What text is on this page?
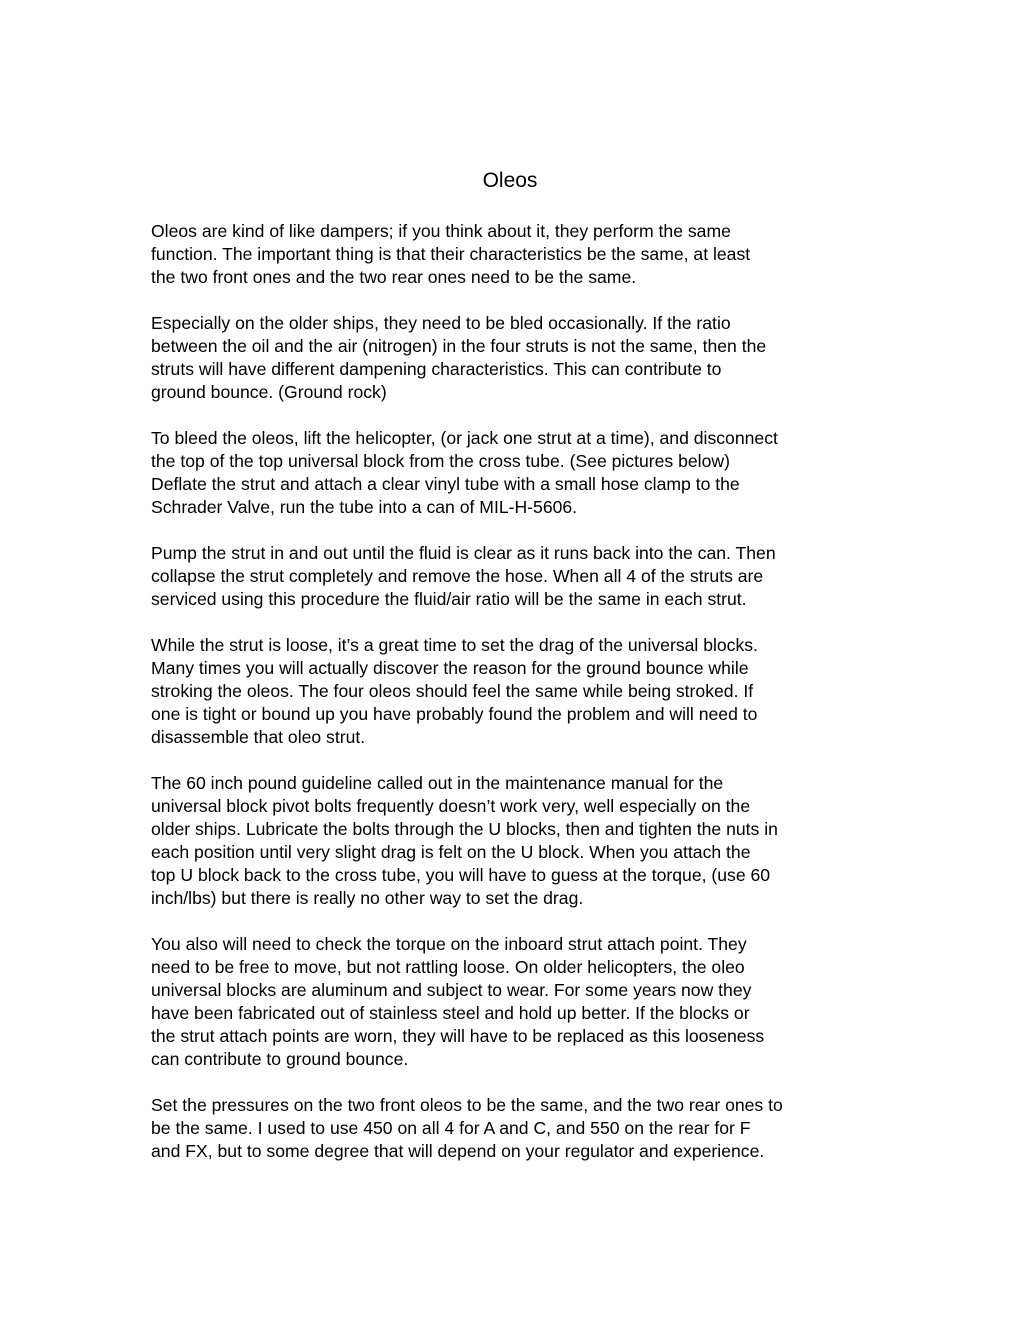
Oleos

Oleos are kind of like dampers; if you think about it, they perform the same
function. The important thing is that their characteristics be the same, at least
the two front ones and the two rear ones need to be the same.

Especially on the older ships, they need to be bled occasionally. If the ratio
between the oil and the air (nitrogen) in the four struts is not the same, then the
struts will have different dampening characteristics. This can contribute to
ground bounce. (Ground rock)

To bleed the oleos, lift the helicopter, (or jack one strut at a time), and disconnect
the top of the top universal block from the cross tube. (See pictures below)
Deflate the strut and attach a clear vinyl tube with a small hose clamp to the
Schrader Valve, run the tube into a can of MIL-H-5606.

Pump the strut in and out until the fluid is clear as it runs back into the can. Then
collapse the strut completely and remove the hose. When all 4 of the struts are
serviced using this procedure the fluid/air ratio will be the same in each strut.

While the strut is loose, it’s a great time to set the drag of the universal blocks.
Many times you will actually discover the reason for the ground bounce while
stroking the oleos. The four oleos should feel the same while being stroked. If
one is tight or bound up you have probably found the problem and will need to
disassemble that oleo strut.

The 60 inch pound guideline called out in the maintenance manual for the
universal block pivot bolts frequently doesn’t work very, well especially on the
older ships. Lubricate the bolts through the U blocks, then and tighten the nuts in
each position until very slight drag is felt on the U block. When you attach the
top U block back to the cross tube, you will have to guess at the torque, (use 60
inch/lbs) but there is really no other way to set the drag.

You also will need to check the torque on the inboard strut attach point. They
need to be free to move, but not rattling loose. On older helicopters, the oleo
universal blocks are aluminum and subject to wear. For some years now they
have been fabricated out of stainless steel and hold up better. If the blocks or
the strut attach points are worn, they will have to be replaced as this looseness
can contribute to ground bounce.

Set the pressures on the two front oleos to be the same, and the two rear ones to
be the same. I used to use 450 on all 4 for A and C, and 550 on the rear for F
and FX, but to some degree that will depend on your regulator and experience.
